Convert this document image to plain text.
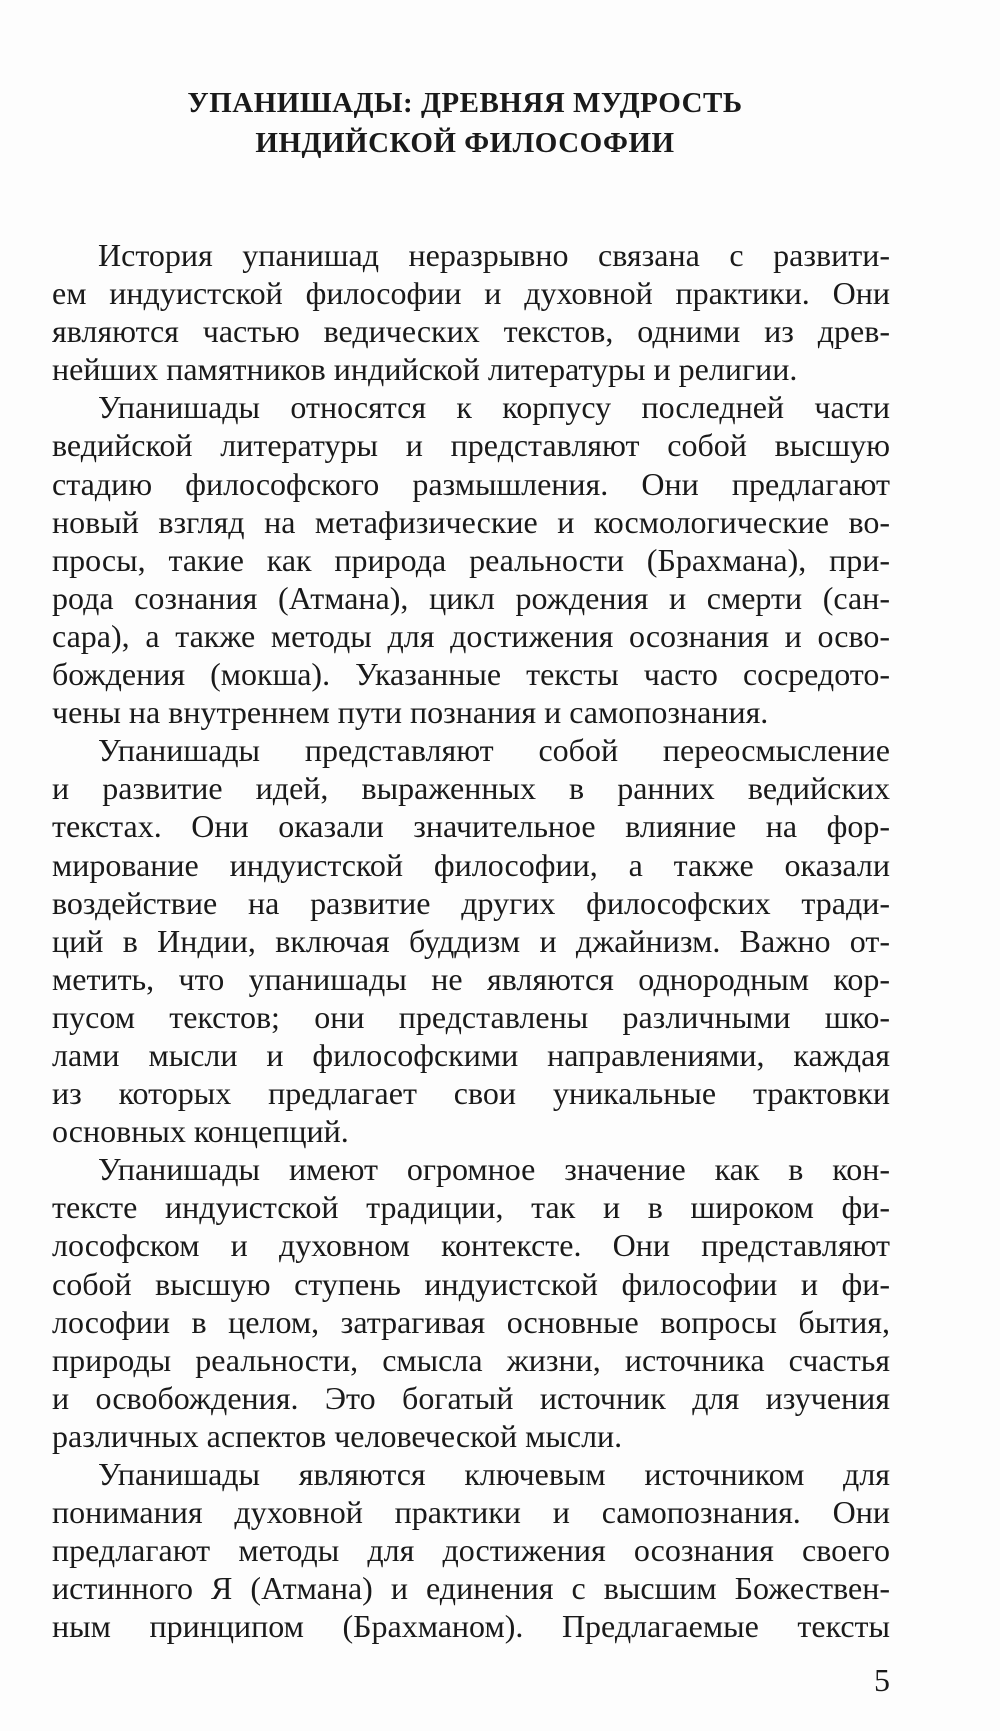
УПАНИШАДЫ: ДРЕВНЯЯ МУДРОСТЬ
ИНДИЙСКОЙ ФИЛОСОФИИ
История упанишад неразрывно связана с развити-
ем индуистской философии и духовной практики. Они
являются частью ведических текстов, одними из древ-
нейших памятников индийской литературы и религии.
Упанишады относятся к корпусу последней части
ведийской литературы и представляют собой высшую
стадию философского размышления. Они предлагают
новый взгляд на метафизические и космологические во-
просы, такие как природа реальности (Брахмана), при-
рода сознания (Атмана), цикл рождения и смерти (сан-
сара), а также методы для достижения осознания и осво-
бождения (мокша). Указанные тексты часто сосредото-
чены на внутреннем пути познания и самопознания.
Упанишады представляют собой переосмысление
и развитие идей, выраженных в ранних ведийских
текстах. Они оказали значительное влияние на фор-
мирование индуистской философии, а также оказали
воздействие на развитие других философских тради-
ций в Индии, включая буддизм и джайнизм. Важно от-
метить, что упанишады не являются однородным кор-
пусом текстов; они представлены различными шко-
лами мысли и философскими направлениями, каждая
из которых предлагает свои уникальные трактовки
основных концепций.
Упанишады имеют огромное значение как в кон-
тексте индуистской традиции, так и в широком фи-
лософском и духовном контексте. Они представляют
собой высшую ступень индуистской философии и фи-
лософии в целом, затрагивая основные вопросы бытия,
природы реальности, смысла жизни, источника счастья
и освобождения. Это богатый источник для изучения
различных аспектов человеческой мысли.
Упанишады являются ключевым источником для
понимания духовной практики и самопознания. Они
предлагают методы для достижения осознания своего
истинного Я (Атмана) и единения с высшим Божествен-
ным принципом (Брахманом). Предлагаемые тексты
5
